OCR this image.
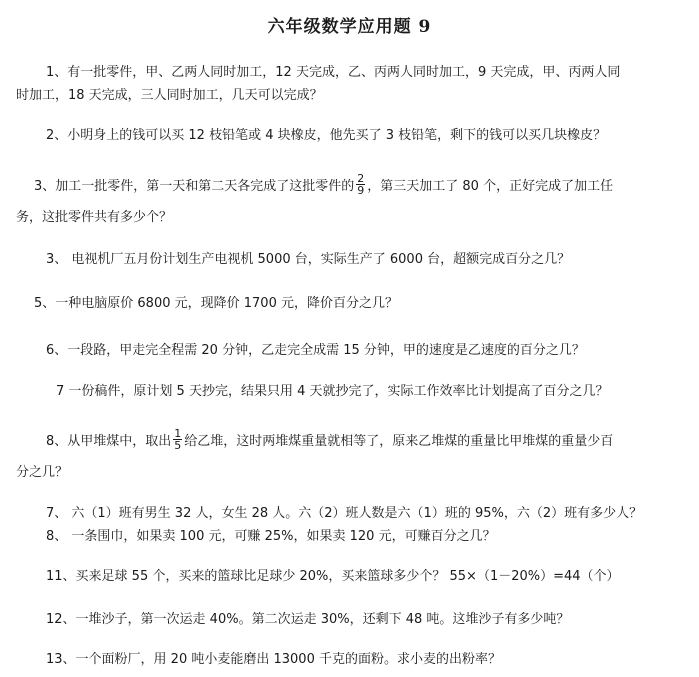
六年级数学应用题 9
1、有一批零件，甲、乙两人同时加工，12 天完成，乙、丙两人同时加工，9 天完成，甲、丙两人同
时加工，18 天完成，三人同时加工，几天可以完成？
2、小明身上的钱可以买 12 枝铅笔或 4 块橡皮，他先买了 3 枝铅笔，剩下的钱可以买几块橡皮？
3、加工一批零件，第一天和第二天各完成了这批零件的 $\frac{2}{9}$ ，第三天加工了 80 个，正好完成了加工任
务，这批零件共有多少个？
3、 电视机厂五月份计划生产电视机 5000 台，实际生产了 6000 台，超额完成百分之几？
5、一种电脑原价 6800 元，现降价 1700 元，降价百分之几？
6、一段路，甲走完全程需 20 分钟，乙走完全成需 15 分钟，甲的速度是乙速度的百分之几？
7 一份稿件，原计划 5 天抄完，结果只用 4 天就抄完了，实际工作效率比计划提高了百分之几？
8、从甲堆煤中，取出 $\frac{1}{5}$ 给乙堆，这时两堆煤重量就相等了，原来乙堆煤的重量比甲堆煤的重量少百
分之几？
7、 六（1）班有男生 32 人，女生 28 人。六（2）班人数是六（1）班的 95%，六（2）班有多少人？
8、 一条围巾，如果卖 100 元，可赚 25%，如果卖 120 元，可赚百分之几？
11、买来足球 55 个，买来的篮球比足球少 20%，买来篮球多少个？ 55×（1－20%）=44（个）
12、一堆沙子，第一次运走 40%。第二次运走 30%，还剩下 48 吨。这堆沙子有多少吨？
13、一个面粉厂，用 20 吨小麦能磨出 13000 千克的面粉。求小麦的出粉率？
